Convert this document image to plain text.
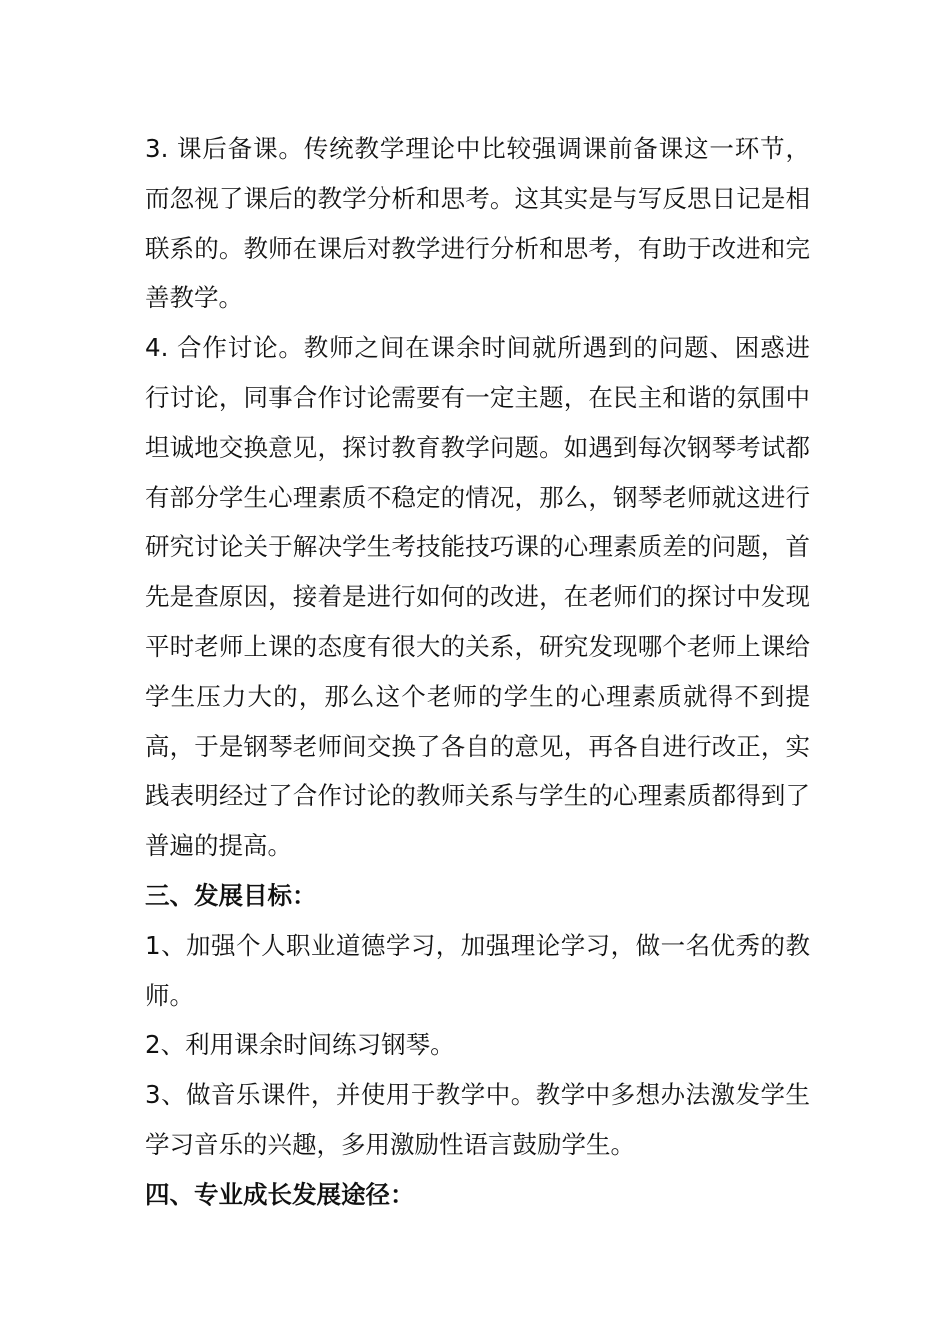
3. 课后备课。传统教学理论中比较强调课前备课这一环节，而忽视了课后的教学分析和思考。这其实是与写反思日记是相联系的。教师在课后对教学进行分析和思考，有助于改进和完善教学。

4. 合作讨论。教师之间在课余时间就所遇到的问题、困惑进行讨论，同事合作讨论需要有一定主题，在民主和谐的氛围中坦诚地交换意见，探讨教育教学问题。如遇到每次钢琴考试都有部分学生心理素质不稳定的情况，那么，钢琴老师就这进行研究讨论关于解决学生考技能技巧课的心理素质差的问题，首先是查原因，接着是进行如何的改进，在老师们的探讨中发现平时老师上课的态度有很大的关系，研究发现哪个老师上课给学生压力大的，那么这个老师的学生的心理素质就得不到提高，于是钢琴老师间交换了各自的意见，再各自进行改正，实践表明经过了合作讨论的教师关系与学生的心理素质都得到了普遍的提高。

三、发展目标：

1、加强个人职业道德学习，加强理论学习，做一名优秀的教师。

2、利用课余时间练习钢琴。

3、做音乐课件，并使用于教学中。教学中多想办法激发学生学习音乐的兴趣，多用激励性语言鼓励学生。

四、专业成长发展途径：
